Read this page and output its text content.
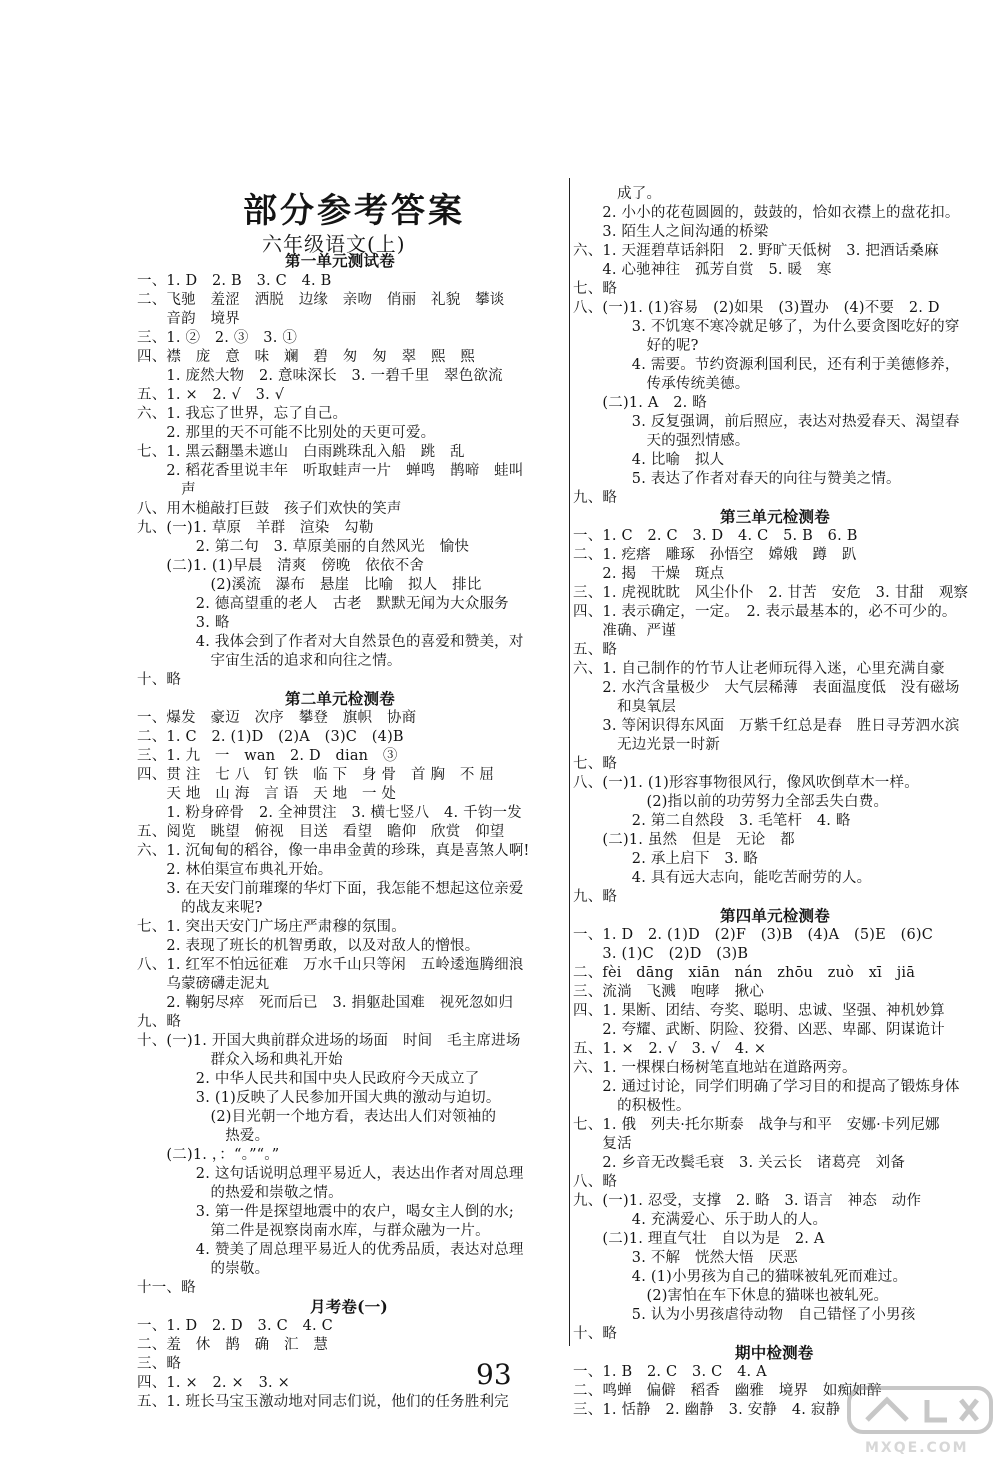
部分参考答案
六年级语文(上)
第一单元测试卷
一、1. D　2. B　3. C　4. B
二、飞驰　羞涩　洒脱　边缘　亲吻　俏丽　礼貌　攀谈
　　音韵　境界
三、1. ②　2. ③　3. ①
四、襟　庞　意　味　斓　碧　匆　匆　翠　熙　熙
　　1. 庞然大物　2. 意味深长　3. 一碧千里　翠色欲流
五、1. ×　2. √　3. √
六、1. 我忘了世界，忘了自己。
　　2. 那里的天不可能不比别处的天更可爱。
七、1. 黑云翻墨未遮山　白雨跳珠乱入船　跳　乱
　　2. 稻花香里说丰年　听取蛙声一片　蝉鸣　鹊啼　蛙叫
　　　声
八、用木槌敲打巨鼓　孩子们欢快的笑声
九、(一)1. 草原　羊群　渲染　勾勒
　　　　2. 第二句　3. 草原美丽的自然风光　愉快
　　(二)1. (1)早晨　清爽　傍晚　依依不舍
　　　　　(2)溪流　瀑布　悬崖　比喻　拟人　排比
　　　　2. 德高望重的老人　古老　默默无闻为大众服务
　　　　3. 略
　　　　4. 我体会到了作者对大自然景色的喜爱和赞美，对
　　　　　宇宙生活的追求和向往之情。
十、略
第二单元检测卷
一、爆发　豪迈　次序　攀登　旗帜　协商
二、1. C　2. (1)D　(2)A　(3)C　(4)B
三、1. 九　一　wan　2. D　dian　③
四、贯 注　七 八　钉 铁　临 下　身 骨　首 胸　不 屈
　　天 地　山 海　言 语　天 地　一 处
　　1. 粉身碎骨　2. 全神贯注　3. 横七竖八　4. 千钧一发
五、阅览　眺望　俯视　目送　看望　瞻仰　欣赏　仰望
六、1. 沉甸甸的稻谷，像一串串金黄的珍珠，真是喜煞人啊!
　　2. 林伯渠宣布典礼开始。
　　3. 在天安门前璀璨的华灯下面，我怎能不想起这位亲爱
　　　的战友来呢?
七、1. 突出天安门广场庄严肃穆的氛围。
　　2. 表现了班长的机智勇敢，以及对敌人的憎恨。
八、1. 红军不怕远征难　万水千山只等闲　五岭逶迤腾细浪
　　乌蒙磅礴走泥丸
　　2. 鞠躬尽瘁　死而后已　3. 捐躯赴国难　视死忽如归
九、略
十、(一)1. 开国大典前群众进场的场面　时间　毛主席进场
　　　　　群众入场和典礼开始
　　　　2. 中华人民共和国中央人民政府今天成立了
　　　　3. (1)反映了人民参加开国大典的激动与迫切。
　　　　　(2)目光朝一个地方看，表达出人们对领袖的
　　　　　　热爱。
　　(二)1. ，：“。”“。”
　　　　2. 这句话说明总理平易近人，表达出作者对周总理
　　　　　的热爱和崇敬之情。
　　　　3. 第一件是探望地震中的农户，喝女主人倒的水;
　　　　　第二件是视察岗南水库，与群众融为一片。
　　　　4. 赞美了周总理平易近人的优秀品质，表达对总理
　　　　　的崇敬。
十一、略
月考卷(一)
一、1. D　2. D　3. C　4. C
二、羞　休　鹊　确　汇　慧
三、略
四、1. ×　2. ×　3. ×
五、1. 班长马宝玉激动地对同志们说，他们的任务胜利完
　　　成了。
　　2. 小小的花苞圆圆的，鼓鼓的，恰如衣襟上的盘花扣。
　　3. 陌生人之间沟通的桥梁
六、1. 天涯碧草话斜阳　2. 野旷天低树　3. 把酒话桑麻
　　4. 心驰神往　孤芳自赏　5. 暖　寒
七、略
八、(一)1. (1)容易　(2)如果　(3)置办　(4)不要　2. D
　　　　3. 不饥寒不寒冷就足够了，为什么要贪图吃好的穿
　　　　　好的呢?
　　　　4. 需要。节约资源利国利民，还有利于美德修养，
　　　　　传承传统美德。
　　(二)1. A　2. 略
　　　　3. 反复强调，前后照应，表达对热爱春天、渴望春
　　　　　天的强烈情感。
　　　　4. 比喻　拟人
　　　　5. 表达了作者对春天的向往与赞美之情。
九、略
第三单元检测卷
一、1. C　2. C　3. D　4. C　5. B　6. B
二、1. 疙瘩　雕琢　孙悟空　嫦娥　蹲　趴
　　2. 揭　干燥　斑点
三、1. 虎视眈眈　风尘仆仆　2. 甘苦　安危　3. 甘甜　观察
四、1. 表示确定，一定。　2. 表示最基本的，必不可少的。
　　准确、严谨
五、略
六、1. 自己制作的竹节人让老师玩得入迷，心里充满自豪
　　2. 水汽含量极少　大气层稀薄　表面温度低　没有磁场
　　　和臭氧层
　　3. 等闲识得东风面　万紫千红总是春　胜日寻芳泗水滨
　　　无边光景一时新
七、略
八、(一)1. (1)形容事物很风行，像风吹倒草木一样。
　　　　　(2)指以前的功劳努力全部丢失白费。
　　　　2. 第二自然段　3. 毛笔杆　4. 略
　　(二)1. 虽然　但是　无论　都
　　　　2. 承上启下　3. 略
　　　　4. 具有远大志向，能吃苦耐劳的人。
九、略
第四单元检测卷
一、1. D　2. (1)D　(2)F　(3)B　(4)A　(5)E　(6)C
　　3. (1)C　(2)D　(3)B
二、fèi　dāng　xiān　nán　zhōu　zuò　xī　jiā
三、流淌　飞溅　咆哮　揪心
四、1. 果断、团结、夸奖、聪明、忠诚、坚强、神机妙算
　　2. 夸耀、武断、阴险、狡猾、凶恶、卑鄙、阴谋诡计
五、1. ×　2. √　3. √　4. ×
六、1. 一棵棵白杨树笔直地站在道路两旁。
　　2. 通过讨论，同学们明确了学习目的和提高了锻炼身体
　　　的积极性。
七、1. 俄　列夫·托尔斯泰　战争与和平　安娜·卡列尼娜
　　复活
　　2. 乡音无改鬓毛衰　3. 关云长　诸葛亮　刘备
八、略
九、(一)1. 忍受，支撑　2. 略　3. 语言　神态　动作
　　　　4. 充满爱心、乐于助人的人。
　　(二)1. 理直气壮　自以为是　2. A
　　　　3. 不解　恍然大悟　厌恶
　　　　4. (1)小男孩为自己的猫咪被轧死而难过。
　　　　　(2)害怕在车下休息的猫咪也被轧死。
　　　　5. 认为小男孩虐待动物　自己错怪了小男孩
十、略
期中检测卷
一、1. B　2. C　3. C　4. A
二、鸣蝉　偏僻　稻香　幽雅　境界　如痴如醉
三、1. 恬静　2. 幽静　3. 安静　4. 寂静
93
MXQE.COM
